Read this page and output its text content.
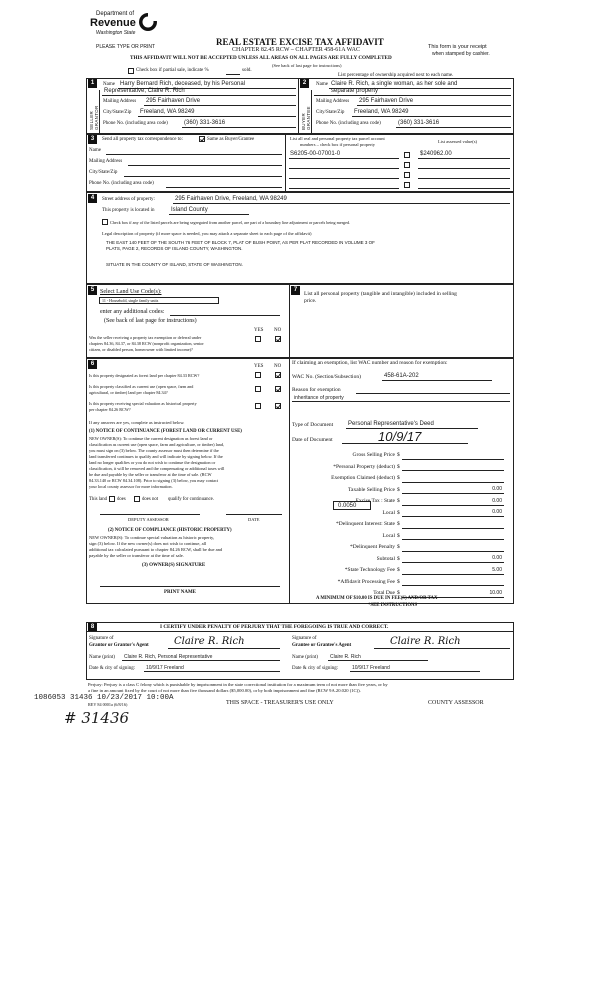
Department of
Revenue
Washington State
PLEASE TYPE OR PRINT	REAL ESTATE EXCISE TAX AFFIDAVIT
CHAPTER 82.45 RCW – CHAPTER 458-61A WAC
THIS AFFIDAVIT WILL NOT BE ACCEPTED UNLESS ALL AREAS ON ALL PAGES ARE FULLY COMPLETED
This form is your receipt
when stamped by cashier.
(See back of last page for instructions)
Check box if partial sale, indicate %	sold.
List percentage of ownership acquired next to each name.
1
SELLER GRANTOR
Name Harry Bernard Rich, deceased, by his Personal
Representative, Claire R. Rich
Mailing Address 295 Fairhaven Drive
City/State/Zip Freeland, WA 98249
Phone No. (including area code)	(360) 331-3616
2
BUYER GRANTEE
Name Claire R. Rich, a single woman, as her sole and
separate property
Mailing Address 295 Fairhaven Drive
City/State/Zip Freeland, WA 98249
Phone No. (including area code)	(360) 331-3616
3	Send all property tax correspondence to:	Same as Buyer/Grantee
Name
Mailing Address
City/State/Zip
Phone No. (including area code)
List all real and personal property tax parcel account
numbers – check box if personal property
List assessed value(s)
S6205-00-07001-0	$240962.00
4	Street address of property:	295 Fairhaven Drive, Freeland, WA 98249
This property is located in	Island County
Check box if any of the listed parcels are being segregated from another parcel, are part of a boundary line adjustment or parcels being merged.
Legal description of property (if more space is needed, you may attach a separate sheet to each page of the affidavit)
THE EAST 140 FEET OF THE SOUTH 76 FEET OF BLOCK 7, PLAT OF BUSH POINT, AS PER PLAT RECORDED IN VOLUME 3 OF
PLATS, PAGE 2, RECORDS OF ISLAND COUNTY, WASHINGTON.
SITUATE IN THE COUNTY OF ISLAND, STATE OF WASHINGTON.
5 Select Land Use Code(s):
11 - Household, single family units
enter any additional codes:
(See back of last page for instructions)
YES NO
Was the seller receiving a property tax exemption or deferral under
chapters 84.36, 84.37, or 84.38 RCW (nonprofit organization, senior
citizen, or disabled person, homeowner with limited income)?
7
List all personal property (tangible and intangible) included in selling
price.
6	YES NO
Is this property designated as forest land per chapter 84.33 RCW?
Is this property classified as current use (open space, farm and
agricultural, or timber) land per chapter 84.34?
Is this property receiving special valuation as historical property
per chapter 84.26 RCW?
If any answers are yes, complete as instructed below.
(1) NOTICE OF CONTINUANCE (FOREST LAND OR CURRENT USE)
NEW OWNER(S): To continue the current designation as forest land or
classification as current use (open space, farm and agriculture, or timber) land,
you must sign on (3) below. The county assessor must then determine if the
land transferred continues to qualify and will indicate by signing below. If the
land no longer qualifies or you do not wish to continue the designation or
classification, it will be removed and the compensating or additional taxes will
be due and payable by the seller or transferor at the time of sale. (RCW
84.33.140 or RCW 84.34.108). Prior to signing (3) below, you may contact
your local county assessor for more information.
This land does	does not qualify for continuance.
DEPUTY ASSESSOR	DATE
(2) NOTICE OF COMPLIANCE (HISTORIC PROPERTY)
NEW OWNER(S): To continue special valuation as historic property,
sign (3) below. If the new owner(s) does not wish to continue, all
additional tax calculated pursuant to chapter 84.26 RCW, shall be due and
payable by the seller or transferor at the time of sale.
(3) OWNER(S) SIGNATURE
PRINT NAME
If claiming an exemption, list WAC number and reason for exemption:
WAC No. (Section/Subsection)	458-61A-202
Reason for exemption
inheritance of property
Type of Document Personal Representative's Deed
Date of Document	10/9/17
Gross Selling Price $
*Personal Property (deduct) $
Exemption Claimed (deduct) $
Taxable Selling Price $	0.00
Excise Tax : State $	0.00
Local $	0.00
*Delinquent Interest: State $
Local $
*Delinquent Penalty $
Subtotal $	0.00
*State Technology Fee $	5.00
*Affidavit Processing Fee $
Total Due $	10.00
0.0050
A MINIMUM OF $10.00 IS DUE IN FEE(S) AND/OR TAX
*SEE INSTRUCTIONS
8	I CERTIFY UNDER PENALTY OF PERJURY THAT THE FOREGOING IS TRUE AND CORRECT.
Signature of
Grantor or Grantor's Agent	Claire R. Rich
Name (print) Claire R. Rich, Personal Representative
Date & city of signing: 10/9/17 Freeland
Signature of
Grantee or Grantee's Agent	Claire R. Rich
Name (print) Claire R. Rich
Date & city of signing:	10/9/17 Freeland
Perjury: Perjury is a class C felony which is punishable by imprisonment in the state correctional institution for a maximum term of not more than five years, or by
a fine in an amount fixed by the court of not more than five thousand dollars ($5,000.00), or by both imprisonment and fine (RCW 9A.20.020 (1C)).
1086053 31436 10/23/2017 10:00A
REV 84 0001a (6/8/16)	THIS SPACE - TREASURER'S USE ONLY	COUNTY ASSESSOR
# 31436
